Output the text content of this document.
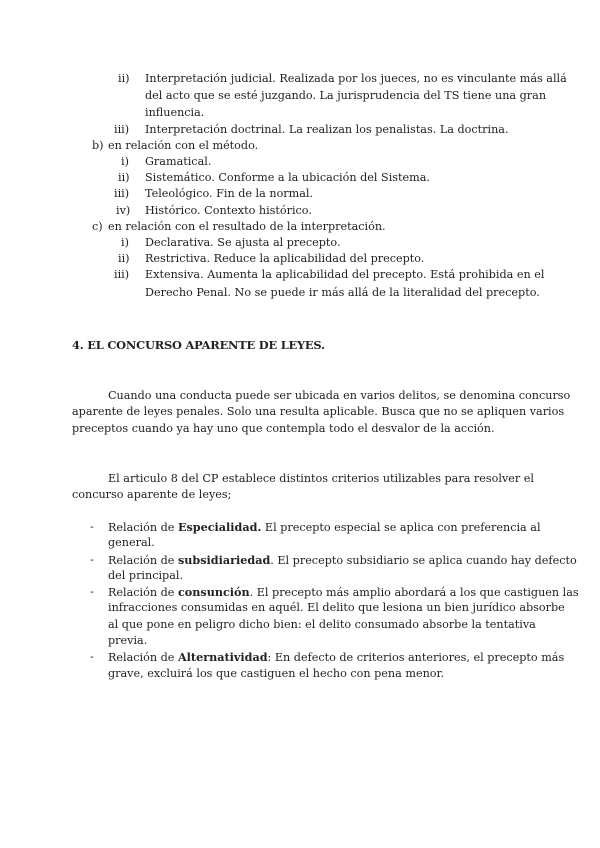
ii) Interpretación judicial. Realizada por los jueces, no es vinculante más allá
del acto que se esté juzgando. La jurisprudencia del TS tiene una gran
influencia.
iii) Interpretación doctrinal. La realizan los penalistas. La doctrina.
b) en relación con el método.
i) Gramatical.
ii) Sistemático. Conforme a la ubicación del Sistema.
iii) Teleológico. Fin de la normal.
iv) Histórico. Contexto histórico.
c) en relación con el resultado de la interpretación.
i) Declarativa. Se ajusta al precepto.
ii) Restrictiva. Reduce la aplicabilidad del precepto.
iii) Extensiva. Aumenta la aplicabilidad del precepto. Está prohibida en el
Derecho Penal. No se puede ir más allá de la literalidad del precepto.
4. EL CONCURSO APARENTE DE LEYES.
Cuando una conducta puede ser ubicada en varios delitos, se denomina concurso
aparente de leyes penales. Solo una resulta aplicable. Busca que no se apliquen varios
preceptos cuando ya hay uno que contempla todo el desvalor de la acción.
El articulo 8 del CP establece distintos criterios utilizables para resolver el
concurso aparente de leyes;
- Relación de Especialidad. El precepto especial se aplica con preferencia al
general.
- Relación de subsidiariedad. El precepto subsidiario se aplica cuando hay defecto
del principal.
- Relación de consunción. El precepto más amplio abordará a los que castiguen las
infracciones consumidas en aquél. El delito que lesiona un bien jurídico absorbe
al que pone en peligro dicho bien: el delito consumado absorbe la tentativa
previa.
- Relación de Alternatividad: En defecto de criterios anteriores, el precepto más
grave, excluirá los que castiguen el hecho con pena menor.
